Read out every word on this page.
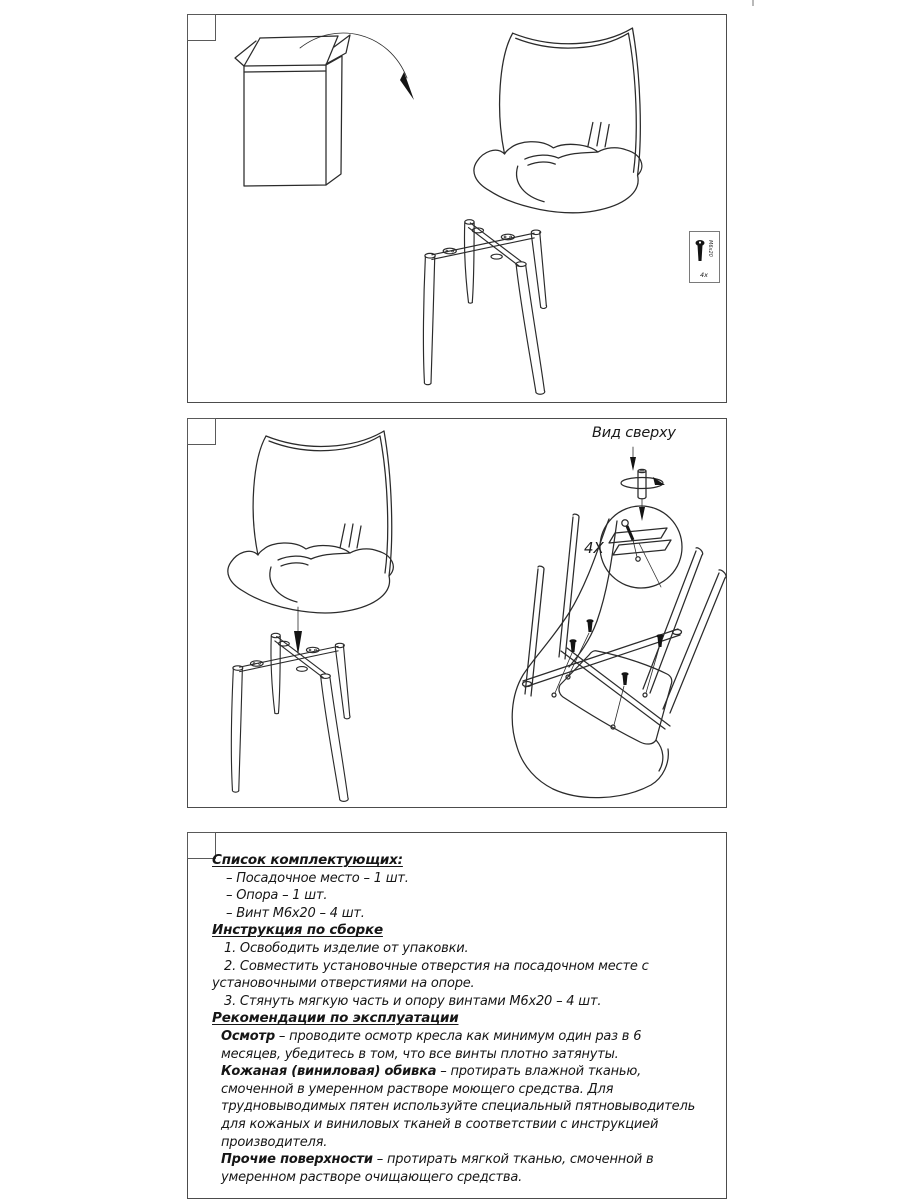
M6x20
4x
Вид сверху
4X
Список комплектующих:
– Посадочное место – 1 шт.
– Опора – 1 шт.
– Винт М6х20 – 4 шт.
Инструкция по сборке
1. Освободить изделие от упаковки.
2. Совместить установочные отверстия на посадочном месте с установочными отверстиями на опоре.
3. Стянуть мягкую часть и опору винтами М6х20 – 4 шт.
Рекомендации по эксплуатации

Осмотр – проводите осмотр кресла как минимум один раз в 6 месяцев, убедитесь в том, что все винты плотно затянуты.

Кожаная (виниловая) обивка – протирать влажной тканью, смоченной в умеренном растворе моющего средства. Для трудновыводимых пятен используйте специальный пятновыводитель для кожаных и виниловых тканей в соответствии с инструкцией производителя.

Прочие поверхности – протирать мягкой тканью, смоченной в умеренном растворе очищающего средства.
